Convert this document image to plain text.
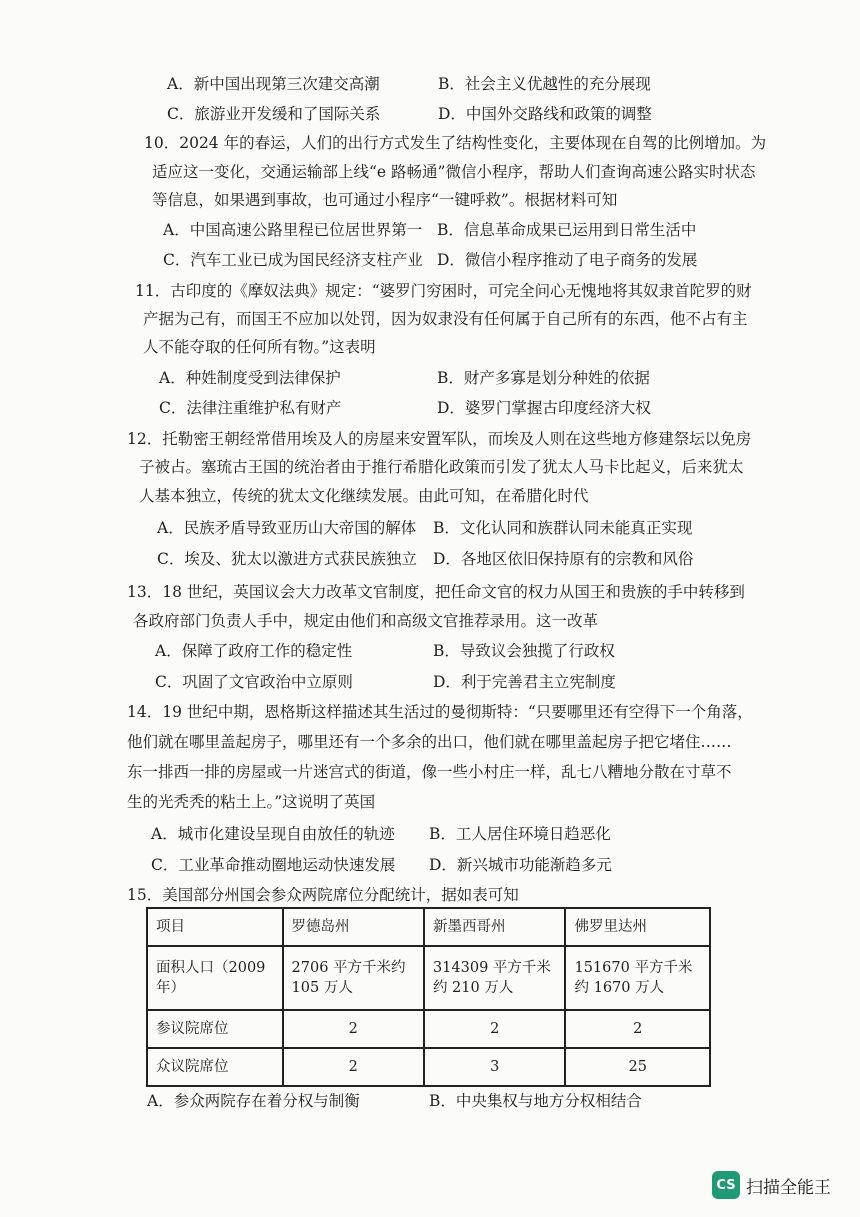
A．新中国出现第三次建交高潮	B．社会主义优越性的充分展现
C．旅游业开发缓和了国际关系	D．中国外交路线和政策的调整
10．2024 年的春运，人们的出行方式发生了结构性变化，主要体现在自驾的比例增加。为
适应这一变化，交通运输部上线“e 路畅通”微信小程序，帮助人们查询高速公路实时状态
等信息，如果遇到事故，也可通过小程序“一键呼救”。根据材料可知
A．中国高速公路里程已位居世界第一 B．信息革命成果已运用到日常生活中
C．汽车工业已成为国民经济支柱产业 D．微信小程序推动了电子商务的发展
11．古印度的《摩奴法典》规定：“婆罗门穷困时，可完全问心无愧地将其奴隶首陀罗的财
产据为己有，而国王不应加以处罚，因为奴隶没有任何属于自己所有的东西，他不占有主
人不能夺取的任何所有物。”这表明
A．种姓制度受到法律保护	B．财产多寡是划分种姓的依据
C．法律注重维护私有财产	D．婆罗门掌握古印度经济大权
12．托勒密王朝经常借用埃及人的房屋来安置军队，而埃及人则在这些地方修建祭坛以免房
子被占。塞琉古王国的统治者由于推行希腊化政策而引发了犹太人马卡比起义，后来犹太
人基本独立，传统的犹太文化继续发展。由此可知，在希腊化时代
A．民族矛盾导致亚历山大帝国的解体 B．文化认同和族群认同未能真正实现
C．埃及、犹太以激进方式获民族独立 D．各地区依旧保持原有的宗教和风俗
13．18 世纪，英国议会大力改革文官制度，把任命文官的权力从国王和贵族的手中转移到
各政府部门负责人手中，规定由他们和高级文官推荐录用。这一改革
A．保障了政府工作的稳定性	B．导致议会独揽了行政权
C．巩固了文官政治中立原则	D．利于完善君主立宪制度
14．19 世纪中期，恩格斯这样描述其生活过的曼彻斯特：“只要哪里还有空得下一个角落，
他们就在哪里盖起房子，哪里还有一个多余的出口，他们就在哪里盖起房子把它堵住……
东一排西一排的房屋或一片迷宫式的街道，像一些小村庄一样，乱七八糟地分散在寸草不
生的光秃秃的粘土上。”这说明了英国
A．城市化建设呈现自由放任的轨迹 B．工人居住环境日趋恶化
C．工业革命推动圈地运动快速发展 D．新兴城市功能渐趋多元
15．美国部分州国会参众两院席位分配统计，据如表可知
项目	罗德岛州	新墨西哥州	佛罗里达州
面积人口（2009年）	2706 平方千米约105 万人	314309 平方千米约 210 万人	151670 平方千米约 1670 万人
参议院席位	2	2	2
众议院席位	2	3	25
A．参众两院存在着分权与制衡	B．中央集权与地方分权相结合
CS 扫描全能王
